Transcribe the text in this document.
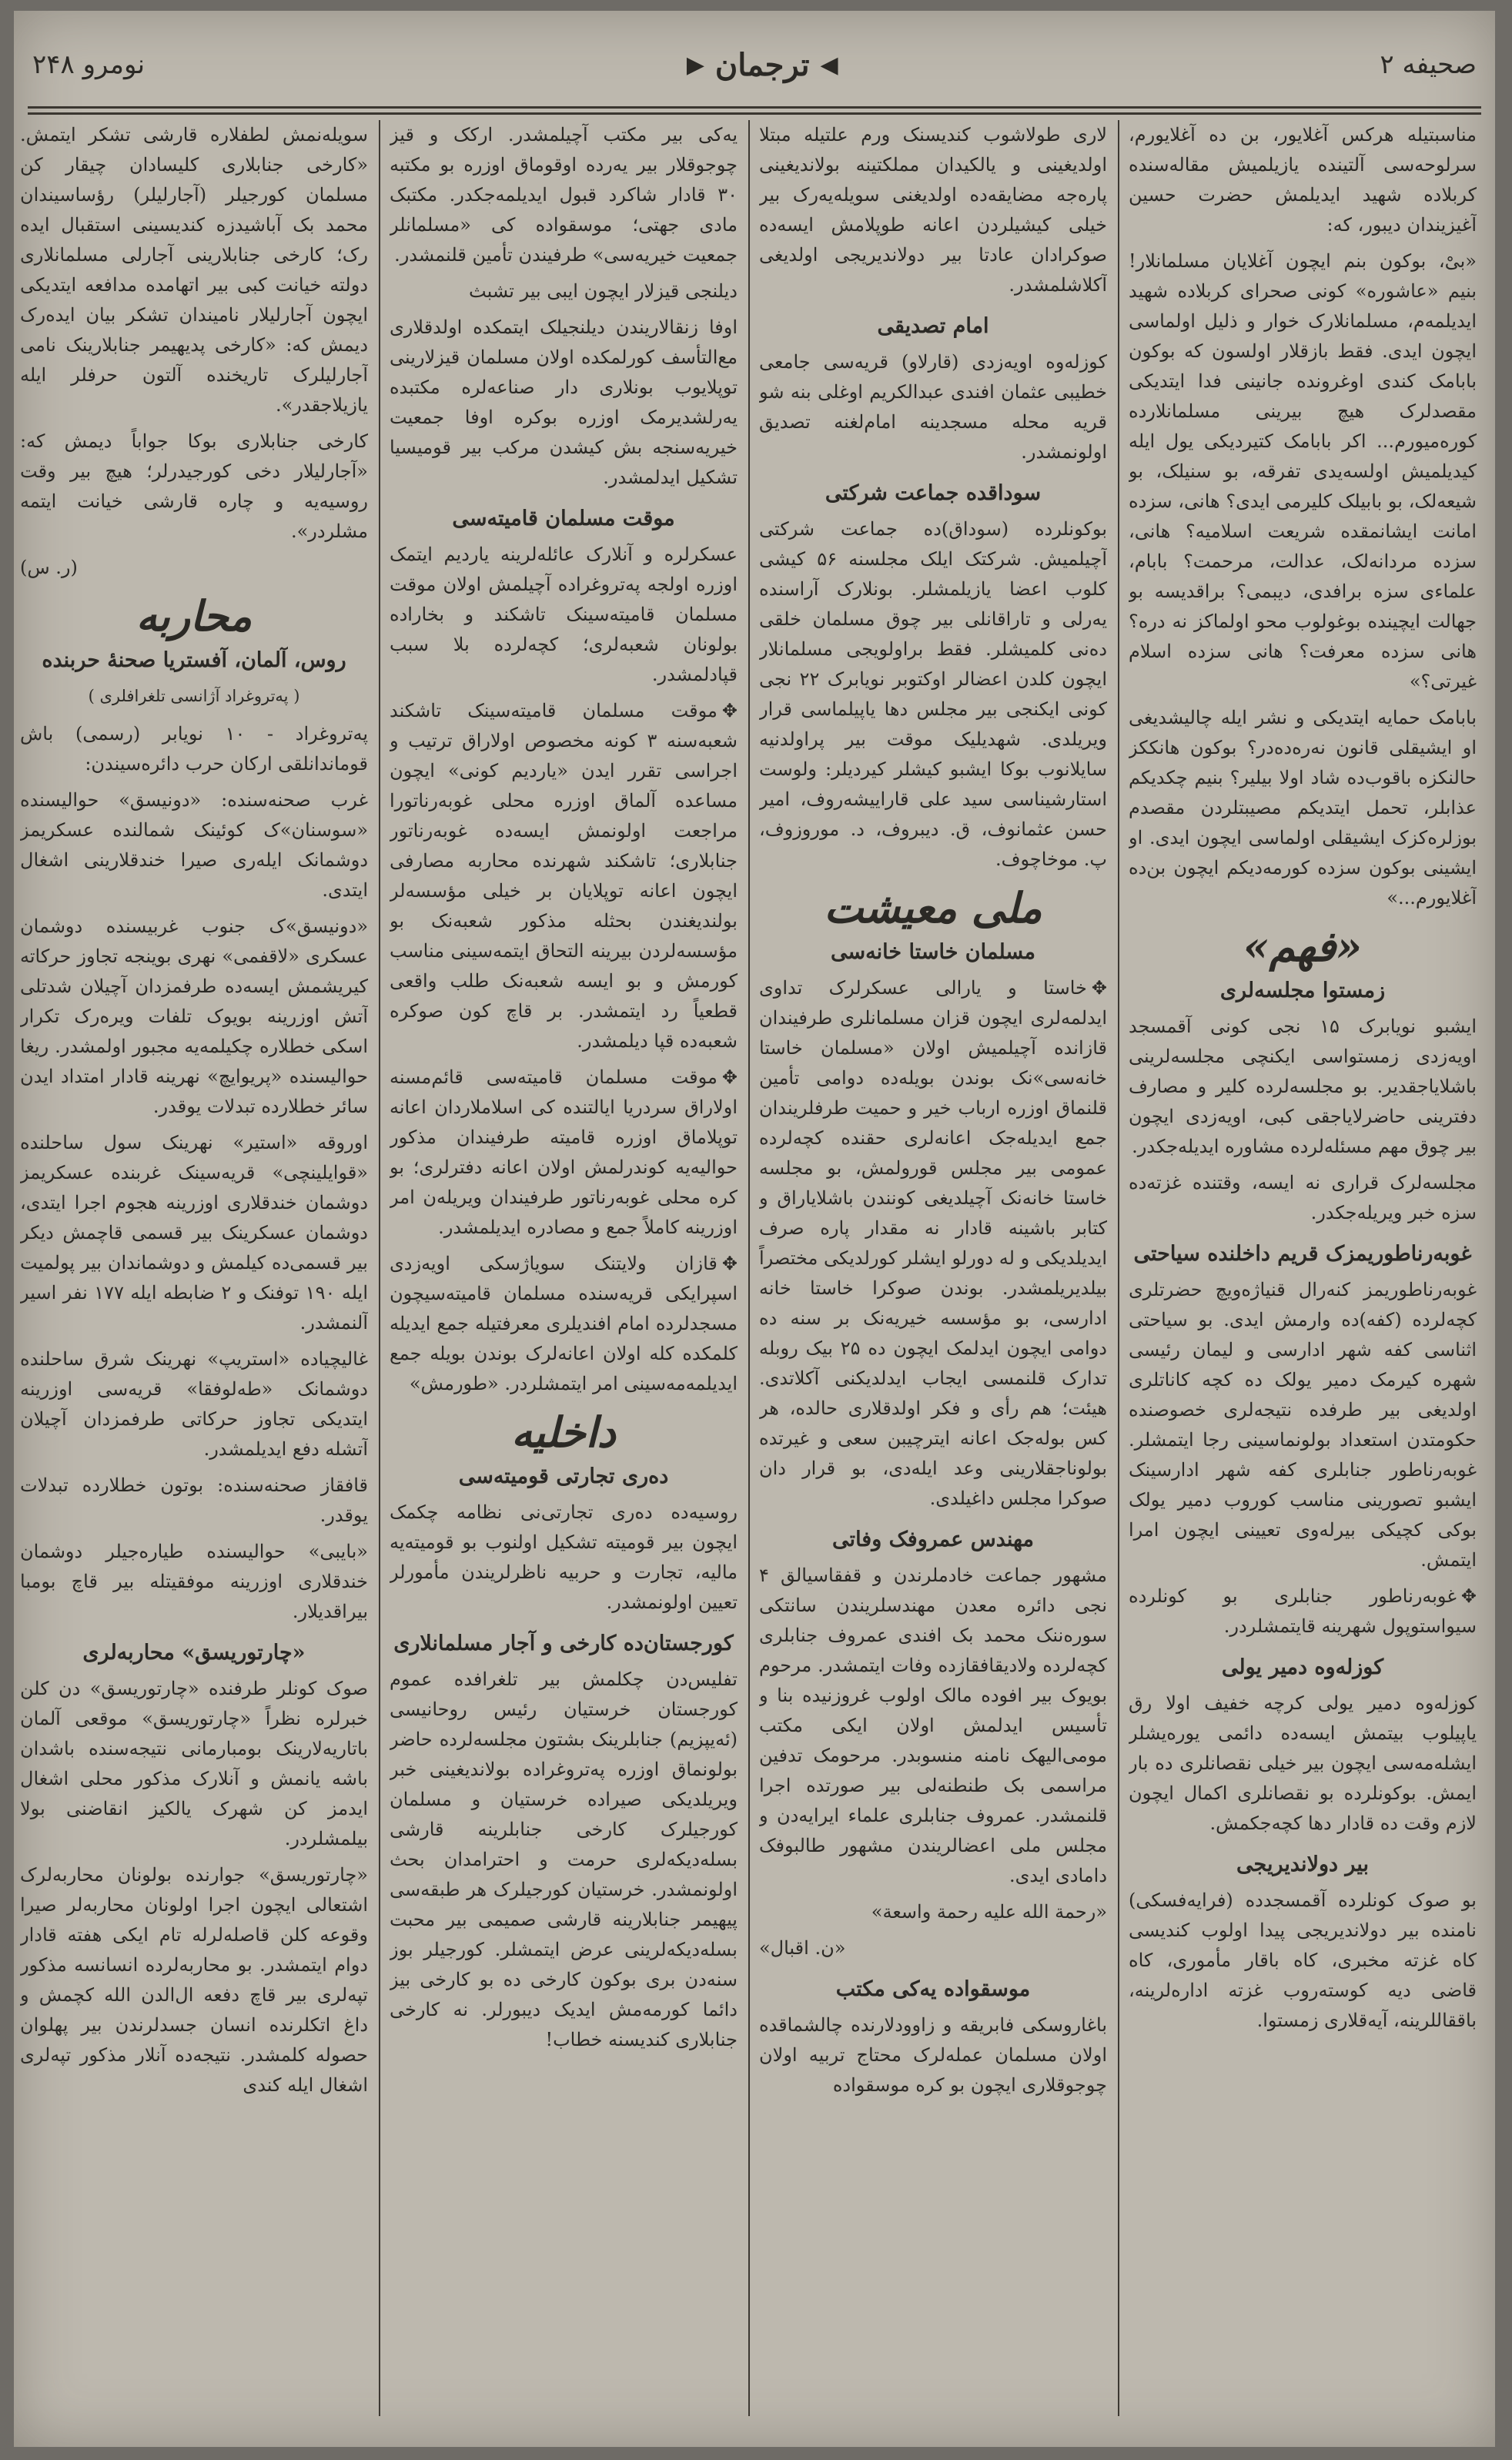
صحیفه ۲
◀
ترجمان
▶
نومرو ۲۴۸

مناسبتیله هرکس آغلایور، بن ده آغلایورم، سرلوحه‌سی آلتینده یازیلمیش مقاله‌سنده کربلاده شهید ایدیلمش حضرت حسین آغیزیندان دیبور، که:

«بیْ، بوکون بنم ایچون آغلایان مسلمانلار! بنیم «عاشوره» کونی صحرای کربلاده شهید ایدیلمه‌م، مسلمانلارک خوار و ذلیل اولماسی ایچون ایدی. فقط بازقلار اولسون که بوکون بابامک کندی اوغرونده جانینی فدا ایتدیکی مقصدلرک هیچ بیرینی مسلمانلارده کوره‌میورم... اکر بابامک کتیردیکی یول ایله کیدیلمیش اولسه‌یدی تفرقه، بو سنیلک، بو شیعه‌لک، بو بابیلک کلیرمی ایدی؟ هانی، سزده امانت ایشانمقده شریعت اسلامیه؟ هانی، سزده مردانه‌لک، عدالت، مرحمت؟ بابام، علماءی سزه برافدی، دیبمی؟ براقدیسه بو جهالت ایچینده بوغولوب محو اولماکز نه دره؟ هانی سزده معرفت؟ هانی سزده اسلام غیرتی؟»

بابامک حمایه ایتدیکی و نشر ایله چالیشدیغی او ایشیقلی قانون نه‌ره‌ده‌در؟ بوکون هانککز حالنکزه باقوب‌ده شاد اولا بیلیر؟ بنیم چکدیکم عذابلر، تحمل ایتدیکم مصیبتلردن مقصدم بوزلره‌کزک ایشیقلی اولماسی ایچون ایدی. او ایشینی بوکون سزده کورمه‌دیکم ایچون بن‌ده آغلایورم...»

«فهم»
زمستوا مجلسه‌لری

ایشبو نویابرک ۱۵ نجی کونی آقمسجد اویه‌زدی زمستواسی ایکنچی مجلسه‌لرینی باشلایاجقدیر. بو مجلسه‌لرده کلیر و مصارف دفترینی حاضرلایاجقی کبی، اویه‌زدی ایچون بیر چوق مهم مسئله‌لرده مشاوره ایدیله‌جکدر.

مجلسه‌لرک قراری نه ایسه، وقتنده غزته‌ده سزه خبر ویریله‌جکدر.

غوبه‌رناطوریمزک قریم داخلنده سیاحتی

غوبه‌رناطوریمز کنه‌رال قنیاژه‌ویچ حضرتلری کچه‌لرده (کفه)ده وارمش ایدی. بو سیاحتی اثناسی کفه شهر ادارسی و لیمان رئیسی شهره کیرمک دمیر یولک ده کچه کاناتلری اولدیغی بیر طرفده نتیجه‌لری خصوصنده حکومتدن استعداد بولونماسینی رجا ایتمشلر. غوبه‌رناطور جنابلری کفه شهر ادارسینک ایشبو تصورینی مناسب کوروب دمیر یولک بوکی کچیکی بیرله‌وی تعیینی ایچون امرا ایتمش.

✥غوبه‌رناطور جنابلری بو کونلرده سیواستوپول شهرینه قایتمشلردر.

کوزله‌وه دمیر یولی

کوزله‌وه دمیر یولی کرچه خفیف اولا رق یاپیلوب بیتمش ایسه‌ده دائمی یوره‌یشلر ایشله‌مه‌سی ایچون بیر خیلی نقصانلری ده بار ایمش. بوکونلرده بو نقصانلری اکمال ایچون لازم وقت ده قادار دها کچه‌جکمش.

بیر دولاندیریجی

بو صوک کونلرده آقمسجدده (فرایه‌فسکی) نامنده بیر دولاندیریجی پیدا اولوب کندیسی کاه غزته مخبری، کاه باقار مأموری، کاه قاضی دیه کوسته‌روب غزته اداره‌لرینه، باققاللرینه، آیه‌قلاری زمستوا.

لاری طولاشوب کندیسنک ورم علتیله مبتلا اولدیغینی و یالکیدان مملکتینه بولاندیغینی پاره‌جه مضایقه‌ده اولدیغنی سویله‌یه‌رک بیر خیلی کیشیلردن اعانه طوپلامش ایسه‌ده صوکرادان عادتا بیر دولاندیریجی اولدیغی آکلاشلمشدر.

امام تصدیقی

کوزله‌وه اویه‌زدی (قارلاو) قریه‌سی جامعی خطیبی عثمان افندی عبدالکریم اوغلی بنه شو قریه محله مسجدینه امام‌لغنه تصدیق اولونمشدر.

سوداقده جماعت شرکتی

بوکونلرده (سوداق)ده جماعت شرکتی آچیلمیش. شرکتک ایلک مجلسنه ۵۶ کیشی کلوب اعضا یازیلمشلر. بونلارک آراسنده یه‌رلی و تاراقانلی بیر چوق مسلمان خلقی ده‌نی کلمیشلر. فقط براولویجی مسلمانلار ایچون کلدن اعضالر اوکتوبر نویابرک ۲۲ نجی کونی ایکنجی بیر مجلس دها یاپیلماسی قرار ویریلدی. شهدیلیک موقت بیر پراولدنیه سایلانوب بوکا ایشبو کیشلر کیردیلر: ولوست استارشیناسی سید علی قاراییشه‌روف، امیر حسن عثمانوف، ق. دیبروف، د. موروزوف، پ. موخاچوف.

ملی معیشت
مسلمان خاستا خانه‌سی

✥خاستا و یارالی عسکرلرک تداوی ایدلمه‌لری ایچون قزان مسلمانلری طرفیندان قازانده آچیلمیش اولان «مسلمان خاستا خانه‌سی»نک بوندن بویله‌ده دوامی تأمین قلنماق اوزره ارباب خیر و حمیت طرفلریندان جمع ایدیله‌جک اعانه‌لری حقنده کچه‌لرده عمومی بیر مجلس قورولمش، بو مجلسه خاستا خانه‌نک آچیلدیغی کونندن باشلایاراق و کتابر باشینه قادار نه مقدار پاره صرف ایدیلدیکی و له دورلو ایشلر کورلدیکی مختصراً بیلدیریلمشدر. بوندن صوکرا خاستا خانه ادارسی، بو مؤسسه خیریه‌نک بر سنه ده دوامی ایچون ایدلمک ایچون ده ۲۵ بیک روبله تدارک قلنمسی ایجاب ایدلدیکنی آکلاتدی. هیئت؛ هم رأی و فکر اولدقلاری حالده، هر کس بوله‌جک اعانه ایترچیبن سعی و غیرتده بولوناجقلارینی وعد ایله‌دی، بو قرار دان صوکرا مجلس داغیلدی.

مهندس عمروفک وفاتی

مشهور جماعت خادملرندن و قفقاسیالق ۴ نجی دائره معدن مهندسلریندن سانتکی سوره‌ننک محمد بک افندی عمروف جنابلری کچه‌لرده ولادیقافقازده وفات ایتمشدر. مرحوم بویوک بیر افوده مالک اولوب غروزنیده بنا و تأسیس ایدلمش اولان ایکی مکتب مومی‌الیهک نامنه منسوبدر. مرحومک تدفین مراسمی بک طنطنه‌لی بیر صورتده اجرا قلنمشدر. عمروف جنابلری علماء ایرایه‌دن و مجلس ملی اعضالریندن مشهور طالبوفک دامادی ایدی.

«رحمة الله علیه رحمة واسعة»

«ن. اقبال»

موسقواده یه‌کی مکتب

باغاروسکی فابریقه و زاوودلارنده چالشماقده اولان مسلمان عمله‌لرک محتاج تربیه اولان چوجوقلاری ایچون بو کره موسقواده

یه‌کی بیر مکتب آچیلمشدر. ارکک و قیز چوجوقلار بیر یه‌رده اوقوماق اوزره بو مکتبه ۳۰ قادار شاکرد قبول ایدیلمه‌جکدر. مکتبک مادی جهتی؛ موسقواده کی «مسلمانلر جمعیت خیریه‌سی» طرفیندن تأمین قلنمشدر.

دیلنجی قیزلار ایچون ایبی بیر تشبث

اوفا زنقالاریندن دیلنجیلک ایتمکده اولدقلاری مع‌التأسف کورلمکده اولان مسلمان قیزلارینی توپلایوب بونلاری دار صناعه‌لره مکتبده یه‌رلشدیرمک اوزره بوکره اوفا جمعیت خیریه‌سنجه بش کیشدن مرکب بیر قومیسیا تشکیل ایدلمشدر.

موقت مسلمان قامیته‌سی

عسکرلره و آنلارک عائله‌لرینه یاردیم ایتمک اوزره اولجه په‌تروغراده آچیلمش اولان موقت مسلمان قامیته‌سینک تاشکند و بخاراده بولونان شعبه‌لری؛ کچه‌لرده بلا سبب قپادلمشدر.

✥موقت مسلمان قامیته‌سینک تاشکند شعبه‌سنه ۳ کونه مخصوص اولاراق ترتیب و اجراسی تقرر ایدن «یاردیم کونی» ایچون مساعده آلماق اوزره محلی غوبه‌رناتورا مراجعت اولونمش ایسه‌ده غوبه‌رناتور جنابلاری؛ تاشکند شهرنده محاربه مصارفی ایچون اعانه توپلایان بر خیلی مؤسسه‌لر بولندیغندن بحثله مذکور شعبه‌نک بو مؤسسه‌لردن بیرینه التحاق ایتمه‌سینی مناسب کورمش و بو ایسه شعبه‌نک طلب واقعی قطعیاً رد ایتمشدر. بر قاچ کون صوکره شعبه‌ده قپا دیلمشدر.

✥موقت مسلمان قامیته‌سی قائم‌مسنه اولاراق سردریا ایالتنده کی اسلاملاردان اعانه توپلاماق اوزره قامیته طرفیندان مذکور حوالیه‌یه کوندرلمش اولان اعانه دفترلری؛ بو کره محلی غوبه‌رناتور طرفیندان ویریله‌ن امر اوزرینه کاملاً جمع و مصادره ایدیلمشدر.

✥قازان ولایتنک سویاژسکی اویه‌زدی اسپرایکی قریه‌سنده مسلمان قامیته‌سیچون مسجدلرده امام افندیلری معرفتیله جمع ایدیله کلمکده کله اولان اعانه‌لرک بوندن بویله جمع ایدیلمه‌مه‌سینی امر ایتمشلردر. «طورمش»

داخلیه
ده‌ری تجارتی قومیته‌سی

روسیه‌ده ده‌ری تجارتی‌نی نظامه چکمک ایچون بیر قومیته تشکیل اولنوب بو قومیته‌یه مالیه، تجارت و حربیه ناظرلریندن مأمورلر تعیین اولونمشدر.

کورجستان‌ده کارخی و آجار مسلمانلاری

تفلیس‌دن چکلمش بیر تلغرافده عموم کورجستان خرستیان رئیس روحانیسی (ئه‌یپزیم) جنابلرینک بشتون مجلسه‌لرده حاضر بولونماق اوزره په‌تروغراده بولاندیغینی خبر ویریلدیکی صیراده خرستیان و مسلمان کورجیلرک کارخی جنابلرینه قارشی بسله‌دیکه‌لری حرمت و احترامدان بحث اولونمشدر. خرستیان کورجیلرک هر طبقه‌سی پیهیمر جنابلارینه قارشی صمیمی بیر محبت بسله‌دیکه‌لرینی عرض ایتمشلر. کورجیلر بوز سنه‌دن بری بوکون کارخی ده بو کارخی بیز دائما کورمه‌مش ایدیک دیبورلر. نه کارخی جنابلاری کندیسنه خطاب!

سویله‌نمش لطفلاره قارشی تشکر ایتمش. «کارخی جنابلاری کلیسادان چیقار کن مسلمان کورجیلر (آجارلیلر) رؤساسیندان محمد بک آباشیدزه کندیسینی استقبال ایده رک؛ کارخی جنابلارینی آجارلی مسلمانلاری دولته خیانت کبی بیر اتهامده مدافعه ایتدیکی ایچون آجارلیلار نامیندان تشکر بیان ایده‌رک دیمش که: «کارخی پدیهیمر جنابلارینک نامی آجارلیلرک تاریخنده آلتون حرفلر ایله یازیلاجقدر».

کارخی جنابلاری بوکا جواباً دیمش که: «آجارلیلار دخی کورجیدرلر؛ هیچ بیر وقت روسیه‌یه و چاره قارشی خیانت ایتمه مشلردر».

(ر. س)

محاربه
روس، آلمان، آفستریا صحنهٔ حربنده
( په‌تروغراد آژانسی تلغرافلری )

په‌تروغراد - ۱۰ نویابر (رسمی) باش قوماندانلقی ارکان حرب دائره‌سیندن:

غرب صحنه‌سنده: «دونیسق» حوالیسنده «سوسنان»ک کوئینک شمالنده عسکریمز دوشمانک ایله‌ری صیرا خندقلارینی اشغال ایتدی.

«دونیسق»ک جنوب غربیسنده دوشمان عسکری «لاقفمی» نهری بوینجه تجاوز حرکاته کیریشمش ایسه‌ده طرفمزدان آچیلان شدتلی آتش اوزرینه بویوک تلفات ویره‌رک تکرار اسکی خطلاره چکیلمه‌یه مجبور اولمشدر. ریغا حوالیسنده «پریوایچ» نهرینه قادار امتداد ایدن سائر خطلارده تبدلات یوقدر.

اوروقه «استیر» نهرینک سول ساحلنده «قوایلینچی» قریه‌سینک غربنده عسکریمز دوشمان خندقلاری اوزرینه هجوم اجرا ایتدی، دوشمان عسکرینک بیر قسمی قاچمش دیکر بیر قسمی‌ده کیلمش و دوشماندان بیر پولمیت ایله ۱۹۰ توفنک و ۲ ضابطه ایله ۱۷۷ نفر اسیر آلنمشدر.

غالیچیاده «استریپ» نهرینک شرق ساحلنده دوشمانک «طه‌لوفقا» قریه‌سی اوزرینه ایتدیکی تجاوز حرکاتی طرفمزدان آچیلان آتشله دفع ایدیلمشدر.

قافقاز صحنه‌سنده: بوتون خطلارده تبدلات یوقدر.

«بایبی» حوالیسنده طیاره‌جیلر دوشمان خندقلاری اوزرینه موفقیتله بیر قاچ بومبا بیراقدیلار.

«چارتوریسق» محاربه‌لری

صوک کونلر طرفنده «چارتوریسق» دن کلن خبرلره نظراً «چارتوریسق» موقعی آلمان باتاریه‌لارینک بومبارمانی نتیجه‌سنده باشدان باشه یانمش و آنلارک مذکور محلی اشغال ایدمز کن شهرک یالکیز انقاضنی بولا بیلمشلردر.

«چارتوریسق» جوارنده بولونان محاربه‌لرک اشتعالی ایچون اجرا اولونان محاربه‌لر صیرا وقوعه کلن قاصله‌لرله تام ایکی هفته قادار دوام ایتمشدر. بو محاربه‌لرده انسانسه مذکور تپه‌لری بیر قاچ دفعه ال‌الدن الله کچمش و داغ اتکلرنده انسان جسدلرندن بیر پهلوان حصوله کلمشدر. نتیجه‌ده آنلار مذکور تپه‌لری اشغال ایله کندی
